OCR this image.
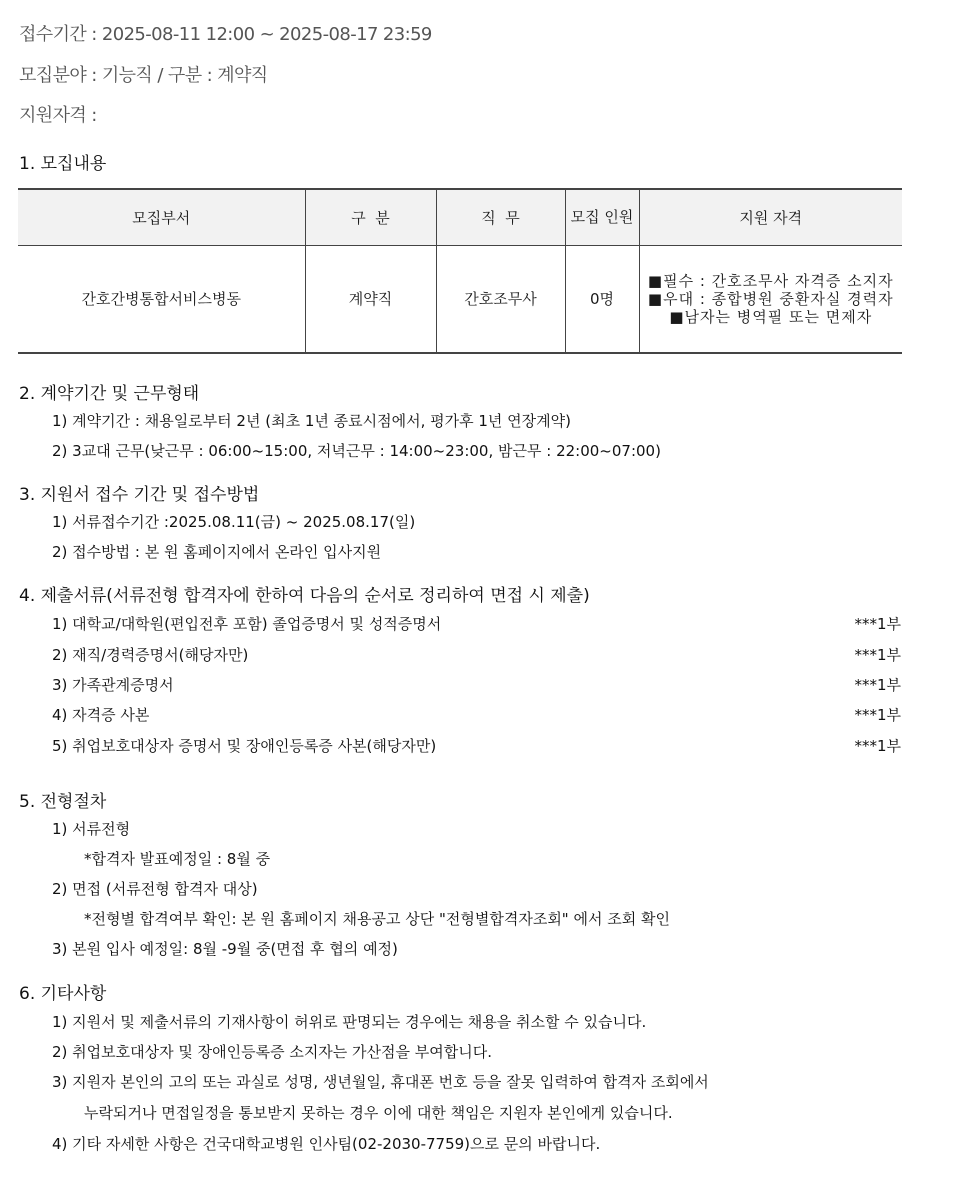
접수기간 : 2025-08-11 12:00 ~ 2025-08-17 23:59
모집분야 : 기능직 / 구분 : 계약직
지원자격 :
1. 모집내용
모집부서	구  분	직  무	모집 인원	지원 자격
간호간병통합서비스병동	계약직	간호조무사	0명	■필수 : 간호조무사 자격증 소지자
■우대 : 종합병원 중환자실 경력자
■남자는 병역필 또는 면제자
2. 계약기간 및 근무형태
1) 계약기간 : 채용일로부터 2년 (최초 1년 종료시점에서, 평가후 1년 연장계약)
2) 3교대 근무(낮근무 : 06:00~15:00, 저녁근무 : 14:00~23:00, 밤근무 : 22:00~07:00)
3. 지원서 접수 기간 및 접수방법
1) 서류접수기간 :2025.08.11(금) ~ 2025.08.17(일)
2) 접수방법 : 본 원 홈페이지에서 온라인 입사지원
4. 제출서류(서류전형 합격자에 한하여 다음의 순서로 정리하여 면접 시 제출)
1) 대학교/대학원(편입전후 포함) 졸업증명서 및 성적증명서	***1부
2) 재직/경력증명서(해당자만)	***1부
3) 가족관계증명서	***1부
4) 자격증 사본	***1부
5) 취업보호대상자 증명서 및 장애인등록증 사본(해당자만)	***1부
5. 전형절차
1) 서류전형
*합격자 발표예정일 : 8월 중
2) 면접 (서류전형 합격자 대상)
*전형별 합격여부 확인: 본 원 홈페이지 채용공고 상단 "전형별합격자조회" 에서 조회 확인
3) 본원 입사 예정일: 8월 -9월 중(면접 후 협의 예정)
6. 기타사항
1) 지원서 및 제출서류의 기재사항이 허위로 판명되는 경우에는 채용을 취소할 수 있습니다.
2) 취업보호대상자 및 장애인등록증 소지자는 가산점을 부여합니다.
3) 지원자 본인의 고의 또는 과실로 성명, 생년월일, 휴대폰 번호 등을 잘못 입력하여 합격자 조회에서
누락되거나 면접일정을 통보받지 못하는 경우 이에 대한 책임은 지원자 본인에게 있습니다.
4) 기타 자세한 사항은 건국대학교병원 인사팀(02-2030-7759)으로 문의 바랍니다.
